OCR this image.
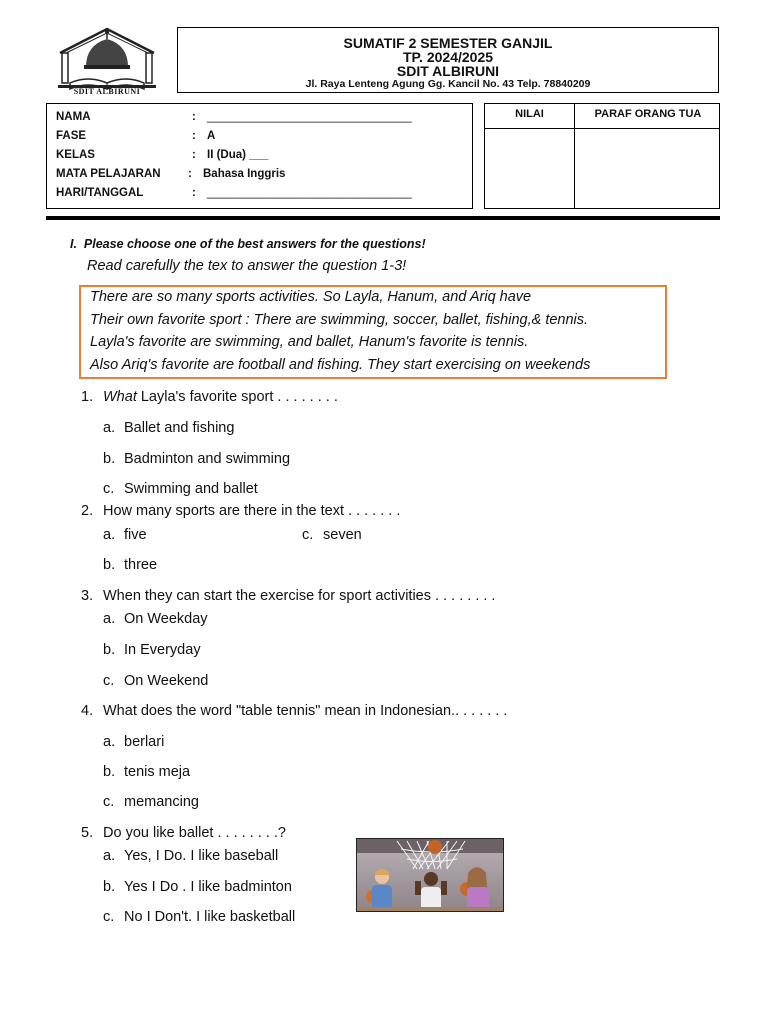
SDIT ALBIRUNI
SUMATIF 2 SEMESTER GANJIL
TP. 2024/2025
SDIT ALBIRUNI
Jl. Raya Lenteng Agung Gg. Kancil No. 43 Telp. 78840209
NAMA	: ________________________________
FASE	: A
KELAS	: II (Dua) ___
MATA PELAJARAN	: Bahasa Inggris
HARI/TANGGAL	: ________________________________
NILAI	PARAF ORANG TUA
I. Please choose one of the best answers for the questions!
Read carefully the tex to answer the question 1-3!
There are so many sports activities. So Layla, Hanum, and Ariq have
Their own favorite sport : There are swimming, soccer, ballet, fishing,& tennis.
Layla's favorite are swimming, and ballet, Hanum's favorite is tennis.
Also Ariq's favorite are football and fishing. They start exercising on weekends
1. What Layla's favorite sport . . . . . . . .
a. Ballet and fishing
b. Badminton and swimming
c. Swimming and ballet
2. How many sports are there in the text . . . . . . .
a. five	c. seven
b. three
3. When they can start the exercise for sport activities . . . . . . . .
a. On Weekday
b. In Everyday
c. On Weekend
4. What does the word "table tennis" mean in Indonesian.. . . . . . .
a. berlari
b. tenis meja
c. memancing
5. Do you like ballet . . . . . . . .?
a. Yes, I Do. I like baseball
b. Yes I Do . I like badminton
c. No I Don't. I like basketball
